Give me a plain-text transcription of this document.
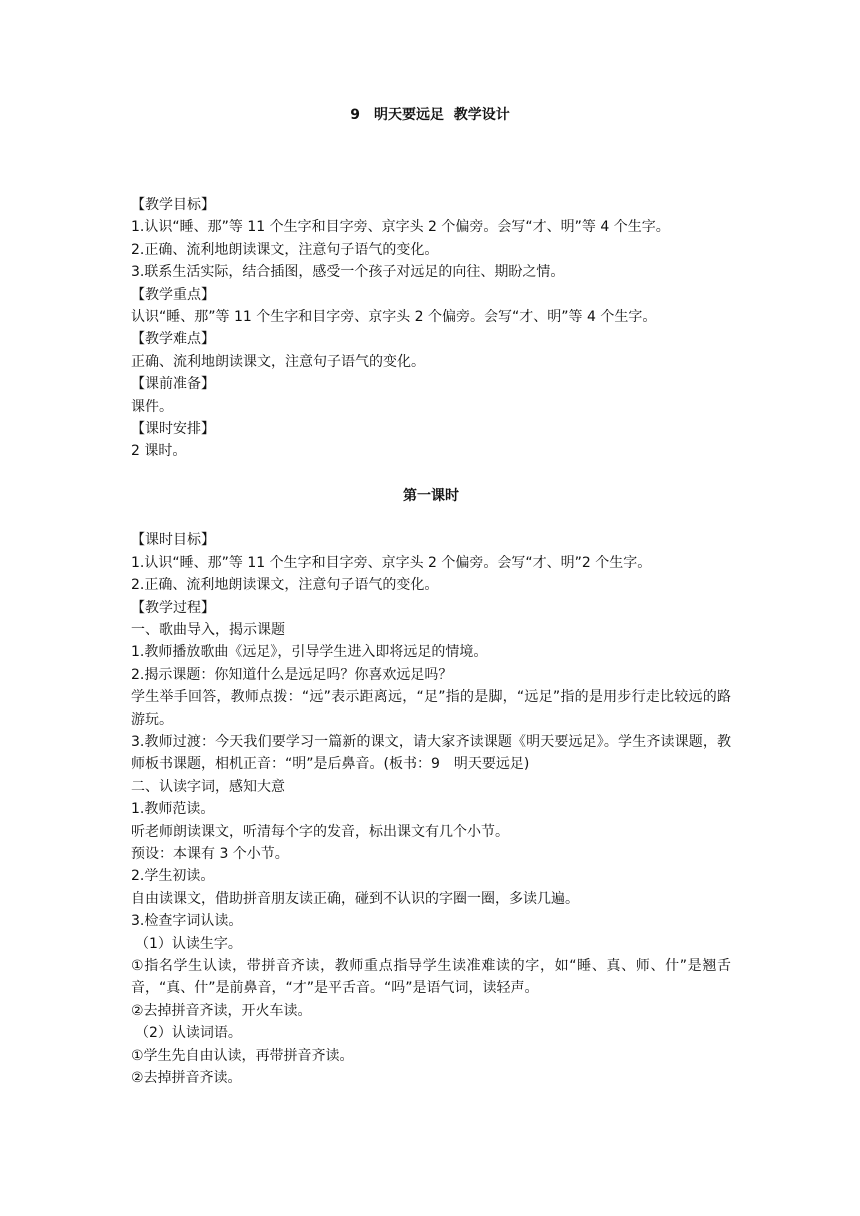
9　明天要远足  教学设计
【教学目标】
1.认识“睡、那”等 11 个生字和目字旁、京字头 2 个偏旁。会写“才、明”等 4 个生字。
2.正确、流利地朗读课文，注意句子语气的变化。
3.联系生活实际，结合插图，感受一个孩子对远足的向往、期盼之情。
【教学重点】
认识“睡、那”等 11 个生字和目字旁、京字头 2 个偏旁。会写“才、明”等 4 个生字。
【教学难点】
正确、流利地朗读课文，注意句子语气的变化。
【课前准备】
课件。
【课时安排】
2 课时。
第一课时
【课时目标】
1.认识“睡、那”等 11 个生字和目字旁、京字头 2 个偏旁。会写“才、明”2 个生字。
2.正确、流利地朗读课文，注意句子语气的变化。
【教学过程】
一、歌曲导入，揭示课题
1.教师播放歌曲《远足》，引导学生进入即将远足的情境。
2.揭示课题：你知道什么是远足吗？你喜欢远足吗？
学生举手回答，教师点拨：“远”表示距离远，“足”指的是脚，“远足”指的是用步行走比较远的路游玩。
3.教师过渡：今天我们要学习一篇新的课文，请大家齐读课题《明天要远足》。学生齐读课题，教师板书课题，相机正音：“明”是后鼻音。(板书：9　明天要远足)
二、认读字词，感知大意
1.教师范读。
听老师朗读课文，听清每个字的发音，标出课文有几个小节。
预设：本课有 3 个小节。
2.学生初读。
自由读课文，借助拼音朋友读正确，碰到不认识的字圈一圈，多读几遍。
3.检查字词认读。
（1）认读生字。
①指名学生认读，带拼音齐读，教师重点指导学生读准难读的字，如“睡、真、师、什”是翘舌音，“真、什”是前鼻音，“才”是平舌音。“吗”是语气词，读轻声。
②去掉拼音齐读，开火车读。
（2）认读词语。
①学生先自由认读，再带拼音齐读。
②去掉拼音齐读。
